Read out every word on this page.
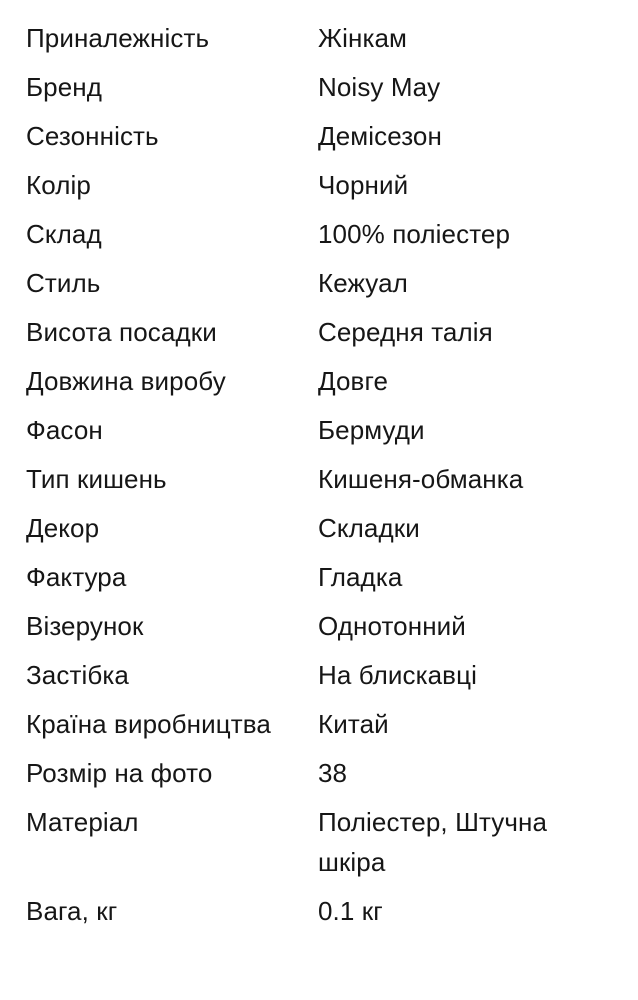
Приналежність	Жінкам
Бренд	Noisy May
Сезонність	Демісезон
Колір	Чорний
Склад	100% поліестер
Стиль	Кежуал
Висота посадки	Середня талія
Довжина виробу	Довге
Фасон	Бермуди
Тип кишень	Кишеня-обманка
Декор	Складки
Фактура	Гладка
Візерунок	Однотонний
Застібка	На блискавці
Країна виробництва	Китай
Розмір на фото	38
Матеріал	Поліестер, Штучна шкіра
Вага, кг	0.1 кг
